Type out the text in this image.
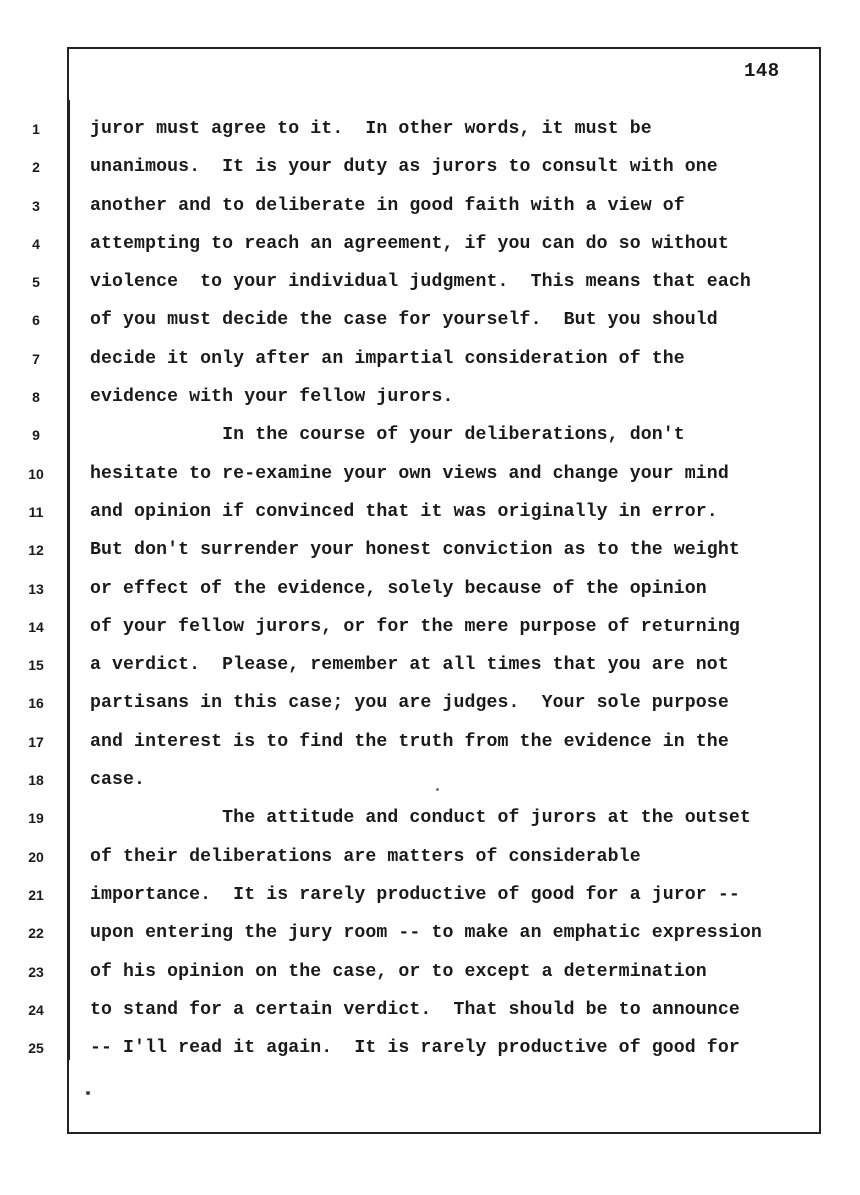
148
1
2
3
4
5
6
7
8
9
10
11
12
13
14
15
16
17
18
19
20
21
22
23
24
25
juror must agree to it.  In other words, it must be
unanimous.  It is your duty as jurors to consult with one
another and to deliberate in good faith with a view of
attempting to reach an agreement, if you can do so without
violence  to your individual judgment.  This means that each
of you must decide the case for yourself.  But you should
decide it only after an impartial consideration of the
evidence with your fellow jurors.
In the course of your deliberations, don't
hesitate to re-examine your own views and change your mind
and opinion if convinced that it was originally in error.
But don't surrender your honest conviction as to the weight
or effect of the evidence, solely because of the opinion
of your fellow jurors, or for the mere purpose of returning
a verdict.  Please, remember at all times that you are not
partisans in this case; you are judges.  Your sole purpose
and interest is to find the truth from the evidence in the
case.
The attitude and conduct of jurors at the outset
of their deliberations are matters of considerable
importance.  It is rarely productive of good for a juror --
upon entering the jury room -- to make an emphatic expression
of his opinion on the case, or to except a determination
to stand for a certain verdict.  That should be to announce
-- I'll read it again.  It is rarely productive of good for
